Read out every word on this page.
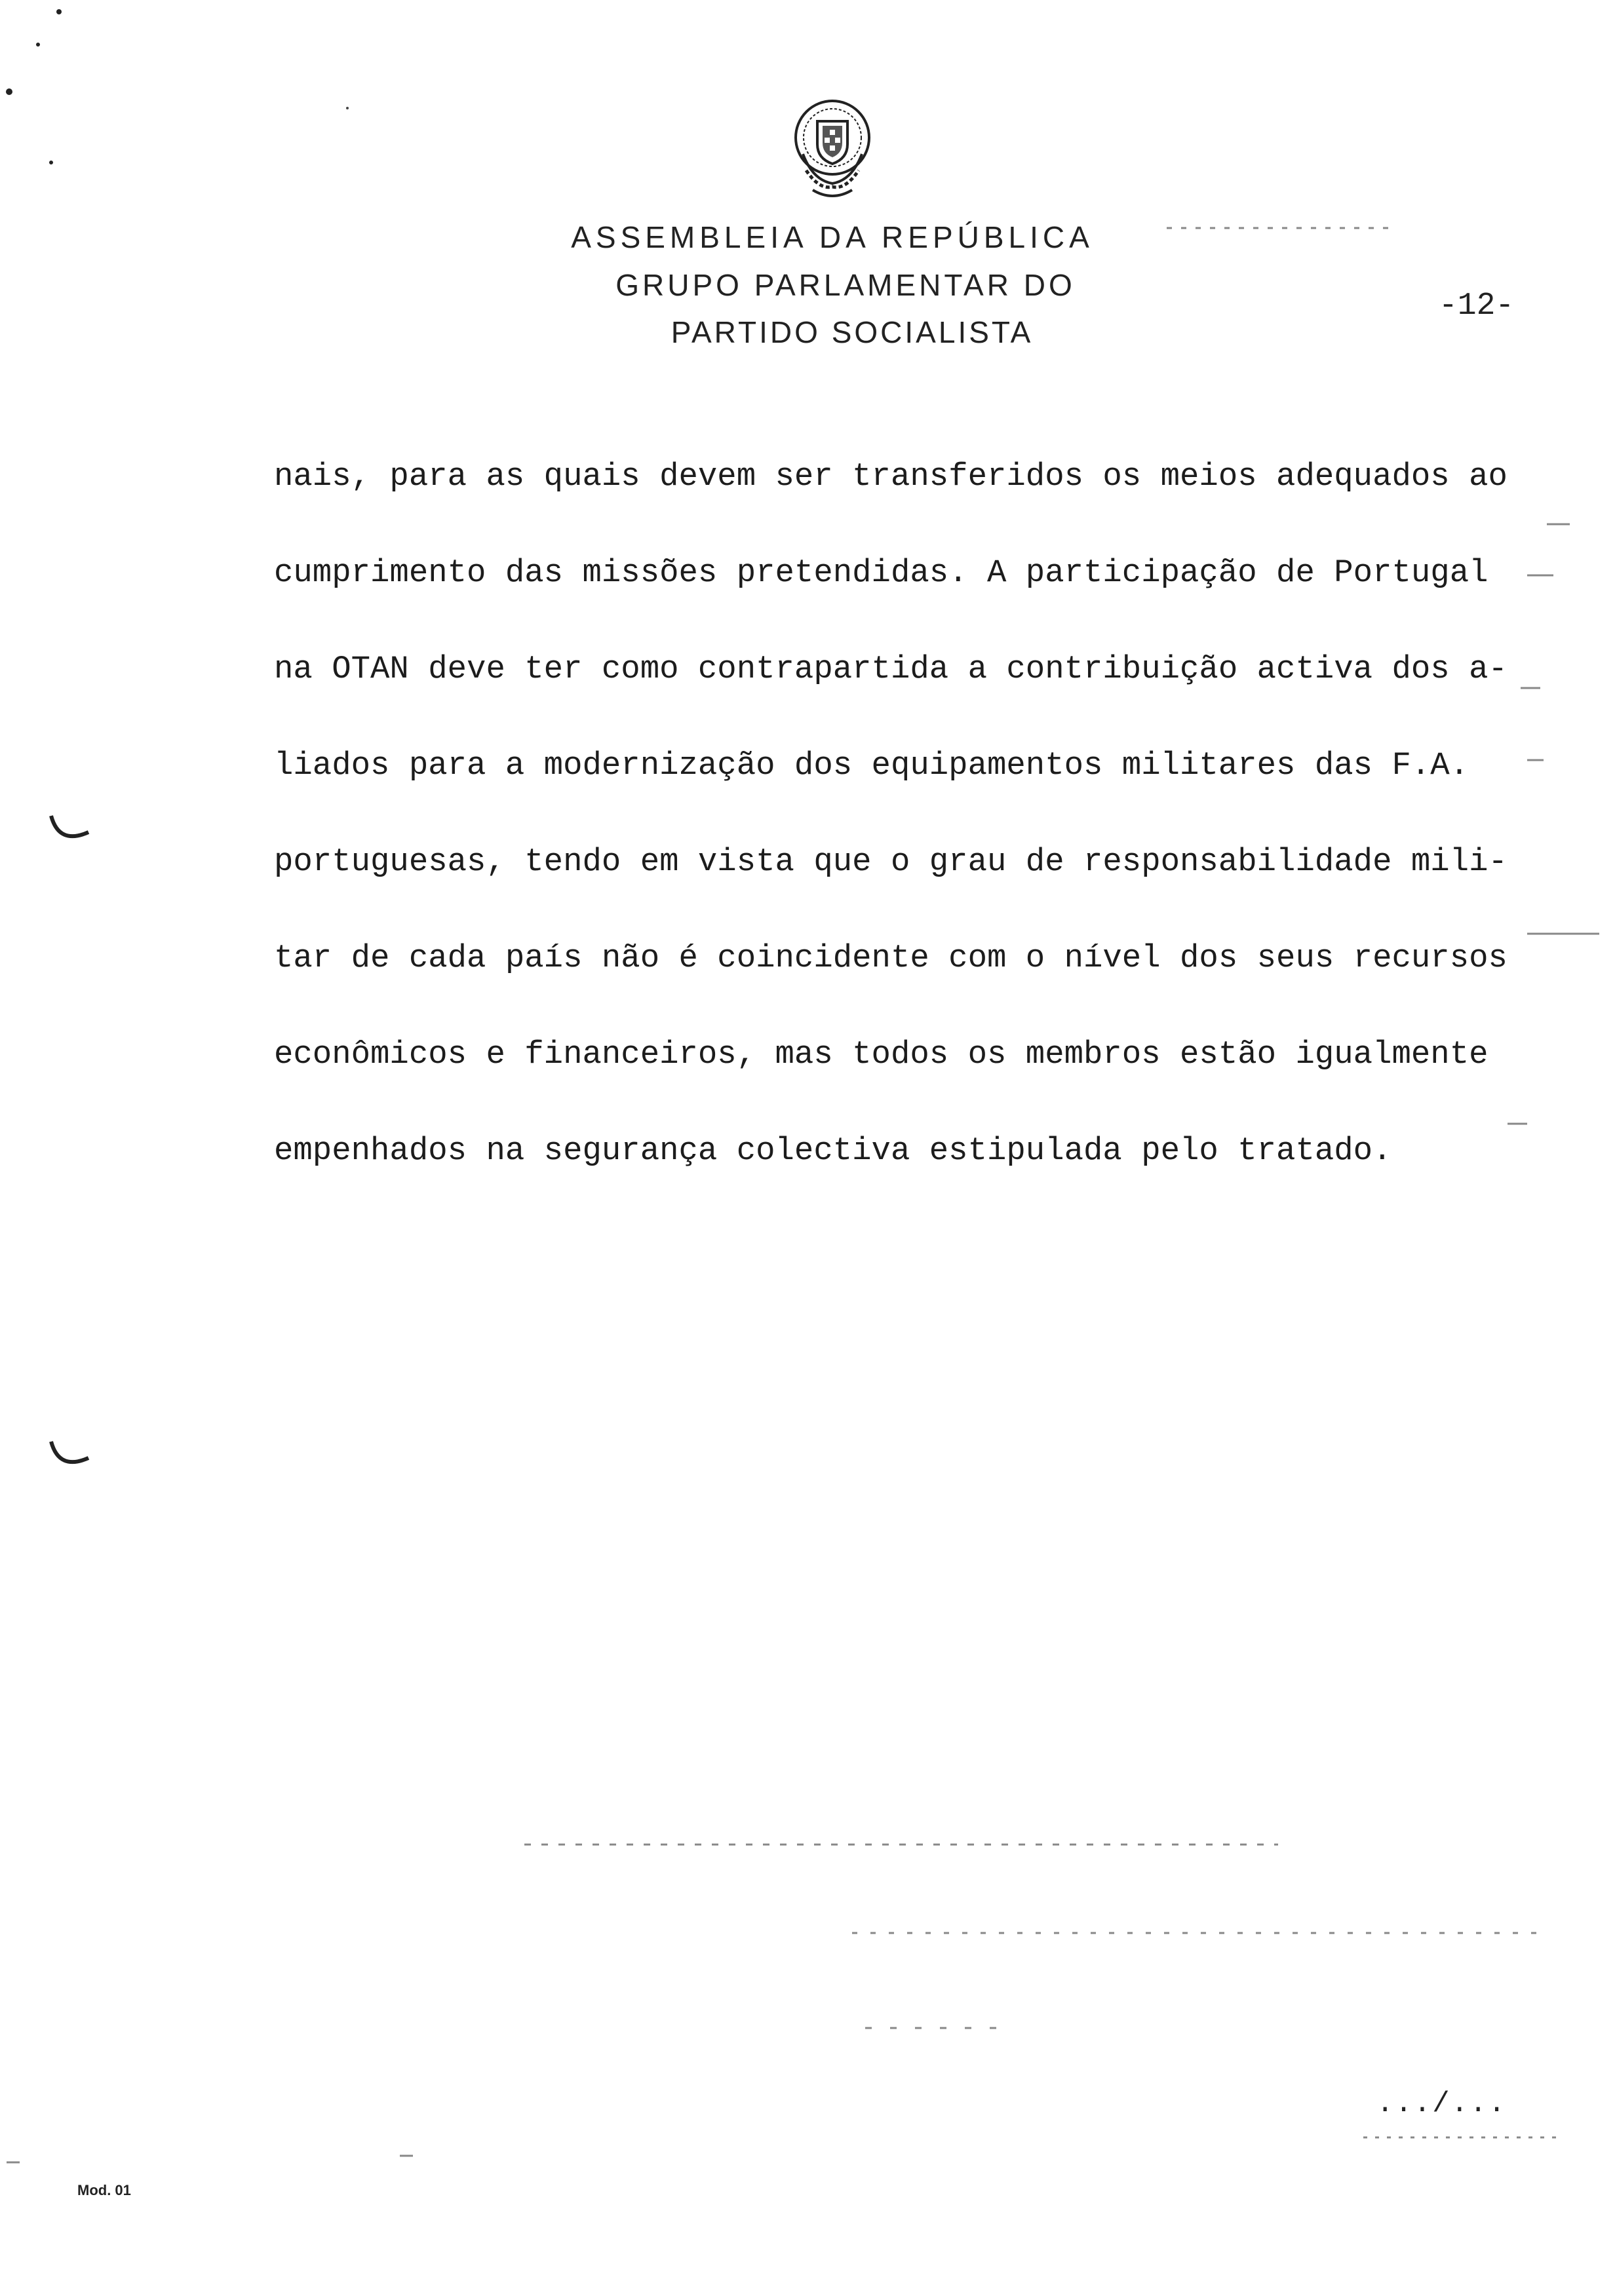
ASSEMBLEIA DA REPÚBLICA
GRUPO PARLAMENTAR DO
PARTIDO SOCIALISTA
-12-
nais, para as quais devem ser transferidos os meios adequados ao
cumprimento das missões pretendidas. A participação de Portugal
na OTAN deve ter como contrapartida a contribuição activa dos a-
liados para a modernização dos equipamentos militares das F.A.
portuguesas, tendo em vista que o grau de responsabilidade mili-
tar de cada país não é coincidente com o nível dos seus recursos
econômicos e financeiros, mas todos os membros estão igualmente
empenhados na segurança colectiva estipulada pelo tratado.
.../...
Mod. 01
